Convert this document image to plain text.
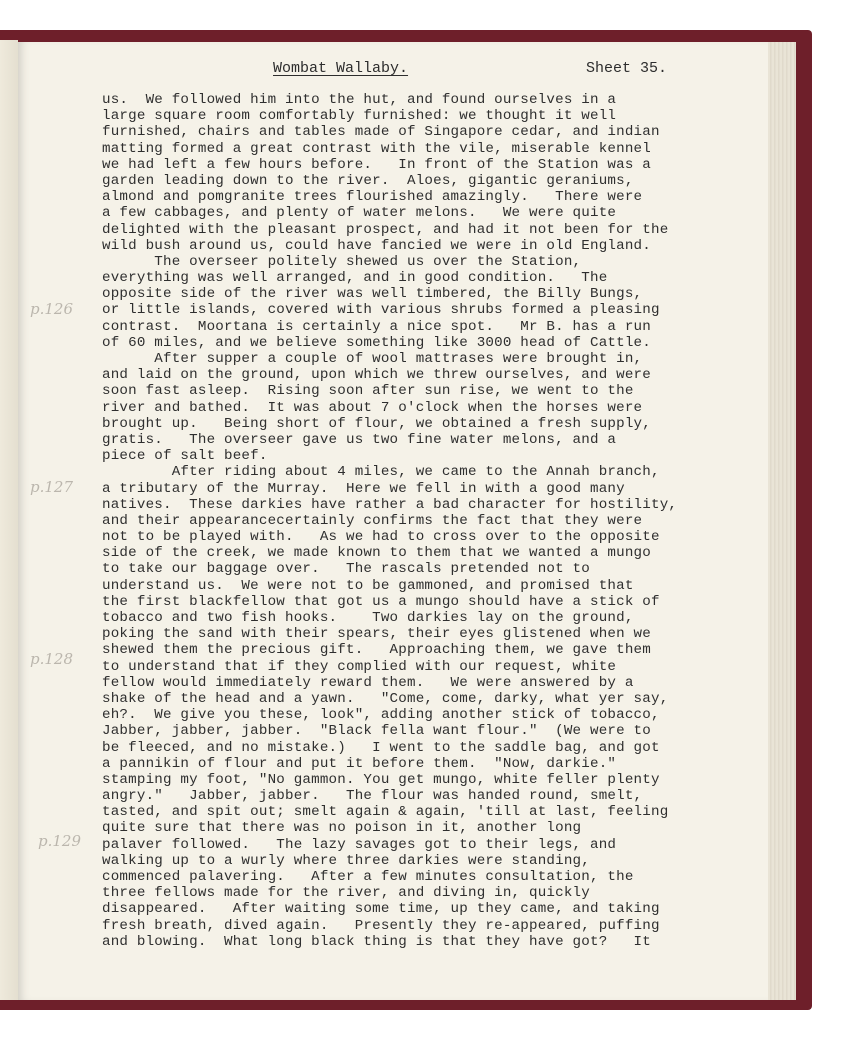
Wombat Wallaby.	Sheet 35.
p.126
p.127
p.128
p.129
us.  We followed him into the hut, and found ourselves in a
large square room comfortably furnished: we thought it well
furnished, chairs and tables made of Singapore cedar, and indian
matting formed a great contrast with the vile, miserable kennel
we had left a few hours before.   In front of the Station was a
garden leading down to the river.  Aloes, gigantic geraniums,
almond and pomgranite trees flourished amazingly.   There were
a few cabbages, and plenty of water melons.   We were quite
delighted with the pleasant prospect, and had it not been for the
wild bush around us, could have fancied we were in old England.
The overseer politely shewed us over the Station,
everything was well arranged, and in good condition.   The
opposite side of the river was well timbered, the Billy Bungs,
or little islands, covered with various shrubs formed a pleasing
contrast.  Moortana is certainly a nice spot.   Mr B. has a run
of 60 miles, and we believe something like 3000 head of Cattle.
After supper a couple of wool mattrases were brought in,
and laid on the ground, upon which we threw ourselves, and were
soon fast asleep.  Rising soon after sun rise, we went to the
river and bathed.  It was about 7 o'clock when the horses were
brought up.   Being short of flour, we obtained a fresh supply,
gratis.   The overseer gave us two fine water melons, and a
piece of salt beef.
After riding about 4 miles, we came to the Annah branch,
a tributary of the Murray.  Here we fell in with a good many
natives.  These darkies have rather a bad character for hostility,
and their appearancecertainly confirms the fact that they were
not to be played with.   As we had to cross over to the opposite
side of the creek, we made known to them that we wanted a mungo
to take our baggage over.   The rascals pretended not to
understand us.  We were not to be gammoned, and promised that
the first blackfellow that got us a mungo should have a stick of
tobacco and two fish hooks.    Two darkies lay on the ground,
poking the sand with their spears, their eyes glistened when we
shewed them the precious gift.   Approaching them, we gave them
to understand that if they complied with our request, white
fellow would immediately reward them.   We were answered by a
shake of the head and a yawn.   "Come, come, darky, what yer say,
eh?.  We give you these, look", adding another stick of tobacco,
Jabber, jabber, jabber.  "Black fella want flour."  (We were to
be fleeced, and no mistake.)   I went to the saddle bag, and got
a pannikin of flour and put it before them.  "Now, darkie."
stamping my foot, "No gammon. You get mungo, white feller plenty
angry."   Jabber, jabber.   The flour was handed round, smelt,
tasted, and spit out; smelt again & again, 'till at last, feeling
quite sure that there was no poison in it, another long
palaver followed.   The lazy savages got to their legs, and
walking up to a wurly where three darkies were standing,
commenced palavering.   After a few minutes consultation, the
three fellows made for the river, and diving in, quickly
disappeared.   After waiting some time, up they came, and taking
fresh breath, dived again.   Presently they re-appeared, puffing
and blowing.  What long black thing is that they have got?   It
